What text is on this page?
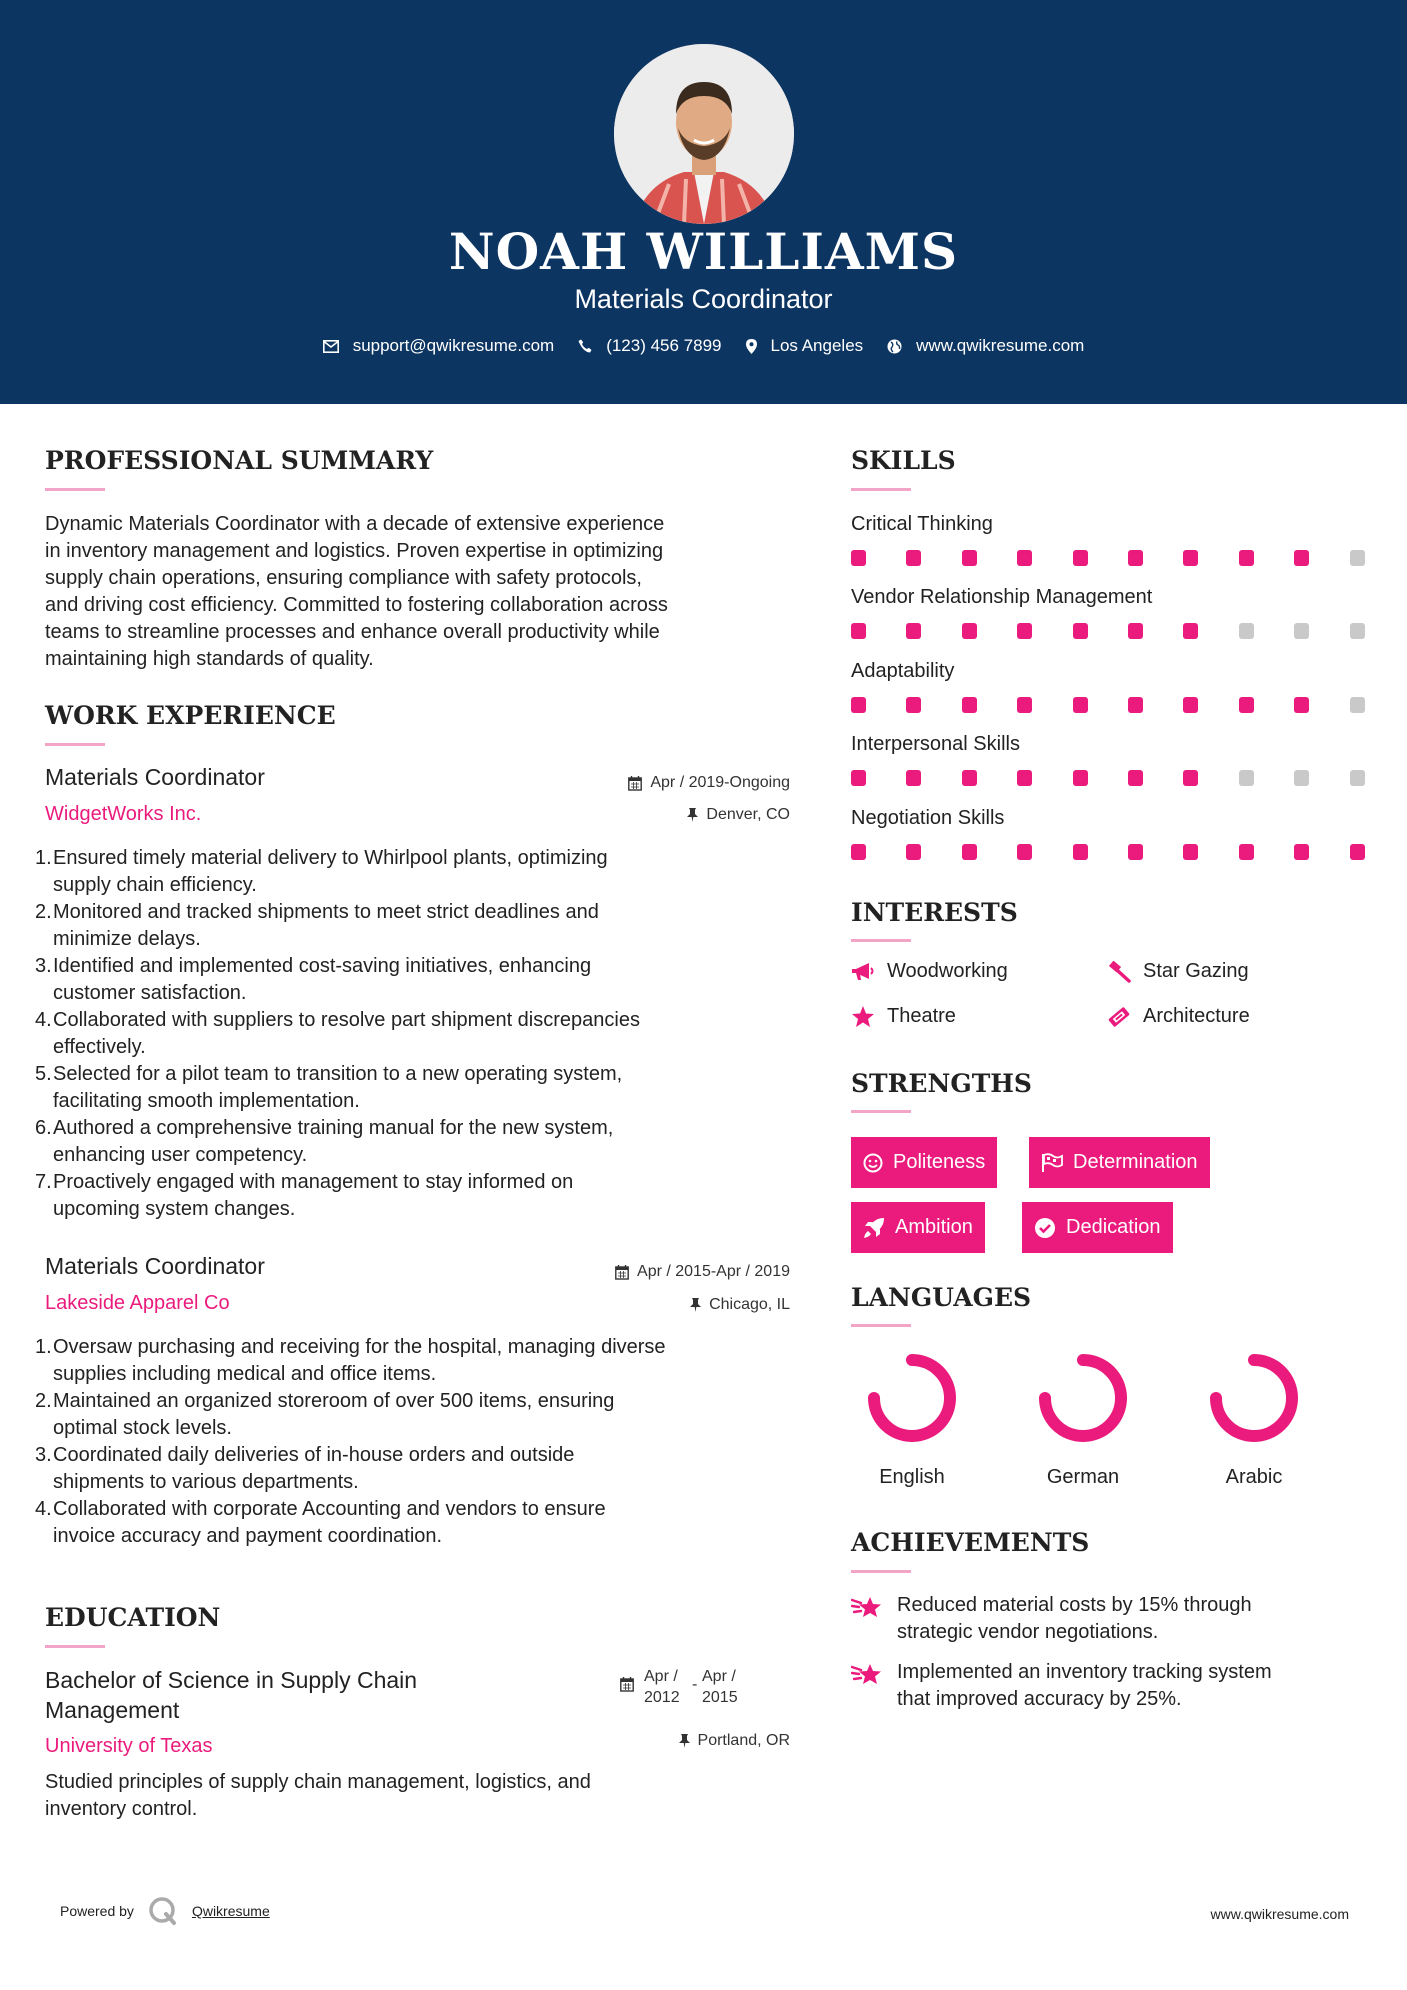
NOAH WILLIAMS
Materials Coordinator
support@qwikresume.com	(123) 456 7899	Los Angeles	www.qwikresume.com
PROFESSIONAL SUMMARY
Dynamic Materials Coordinator with a decade of extensive experience
in inventory management and logistics. Proven expertise in optimizing
supply chain operations, ensuring compliance with safety protocols,
and driving cost efficiency. Committed to fostering collaboration across
teams to streamline processes and enhance overall productivity while
maintaining high standards of quality.
WORK EXPERIENCE
Materials Coordinator
WidgetWorks Inc.
Apr / 2019-Ongoing
Denver, CO
1. Ensured timely material delivery to Whirlpool plants, optimizing
supply chain efficiency.
2. Monitored and tracked shipments to meet strict deadlines and
minimize delays.
3. Identified and implemented cost-saving initiatives, enhancing
customer satisfaction.
4. Collaborated with suppliers to resolve part shipment discrepancies
effectively.
5. Selected for a pilot team to transition to a new operating system,
facilitating smooth implementation.
6. Authored a comprehensive training manual for the new system,
enhancing user competency.
7. Proactively engaged with management to stay informed on
upcoming system changes.
Materials Coordinator
Lakeside Apparel Co
Apr / 2015-Apr / 2019
Chicago, IL
1. Oversaw purchasing and receiving for the hospital, managing diverse
supplies including medical and office items.
2. Maintained an organized storeroom of over 500 items, ensuring
optimal stock levels.
3. Coordinated daily deliveries of in-house orders and outside
shipments to various departments.
4. Collaborated with corporate Accounting and vendors to ensure
invoice accuracy and payment coordination.
EDUCATION
Bachelor of Science in Supply Chain
Management
University of Texas
Apr /
2012
- Apr /
2015
Portland, OR
Studied principles of supply chain management, logistics, and
inventory control.
SKILLS
Critical Thinking
Vendor Relationship Management
Adaptability
Interpersonal Skills
Negotiation Skills
INTERESTS
Woodworking	Star Gazing
Theatre	Architecture
STRENGTHS
Politeness	Determination
Ambition	Dedication
LANGUAGES
English	German	Arabic
ACHIEVEMENTS
Reduced material costs by 15% through
strategic vendor negotiations.
Implemented an inventory tracking system
that improved accuracy by 25%.
Powered by	Qwikresume	www.qwikresume.com
